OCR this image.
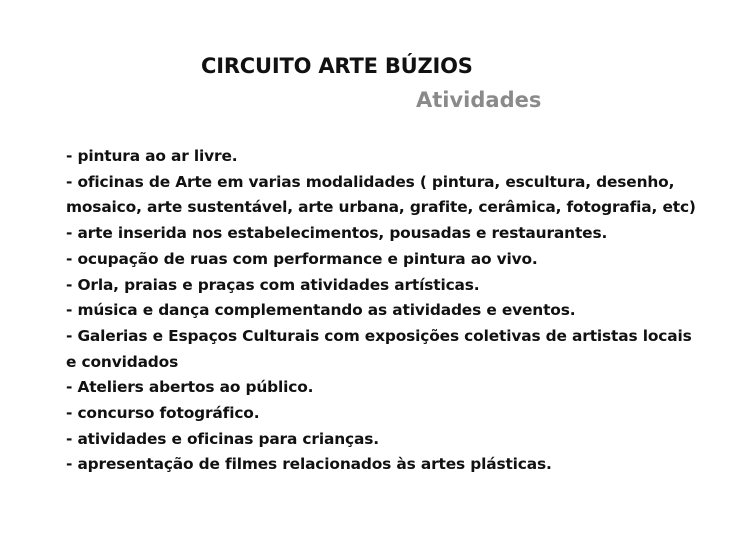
CIRCUITO ARTE BÚZIOS
Atividades
- pintura ao ar livre.
- oficinas de Arte em varias modalidades ( pintura, escultura, desenho, mosaico, arte sustentável, arte urbana, grafite, cerâmica, fotografia, etc)
- arte inserida nos estabelecimentos, pousadas e restaurantes.
- ocupação de ruas com performance e pintura ao vivo.
- Orla, praias e praças com atividades artísticas.
- música e dança complementando as atividades e eventos.
- Galerias e Espaços Culturais com exposições coletivas de artistas locais e convidados
- Ateliers abertos ao público.
- concurso fotográfico.
- atividades e oficinas para crianças.
- apresentação de filmes relacionados às artes plásticas.
